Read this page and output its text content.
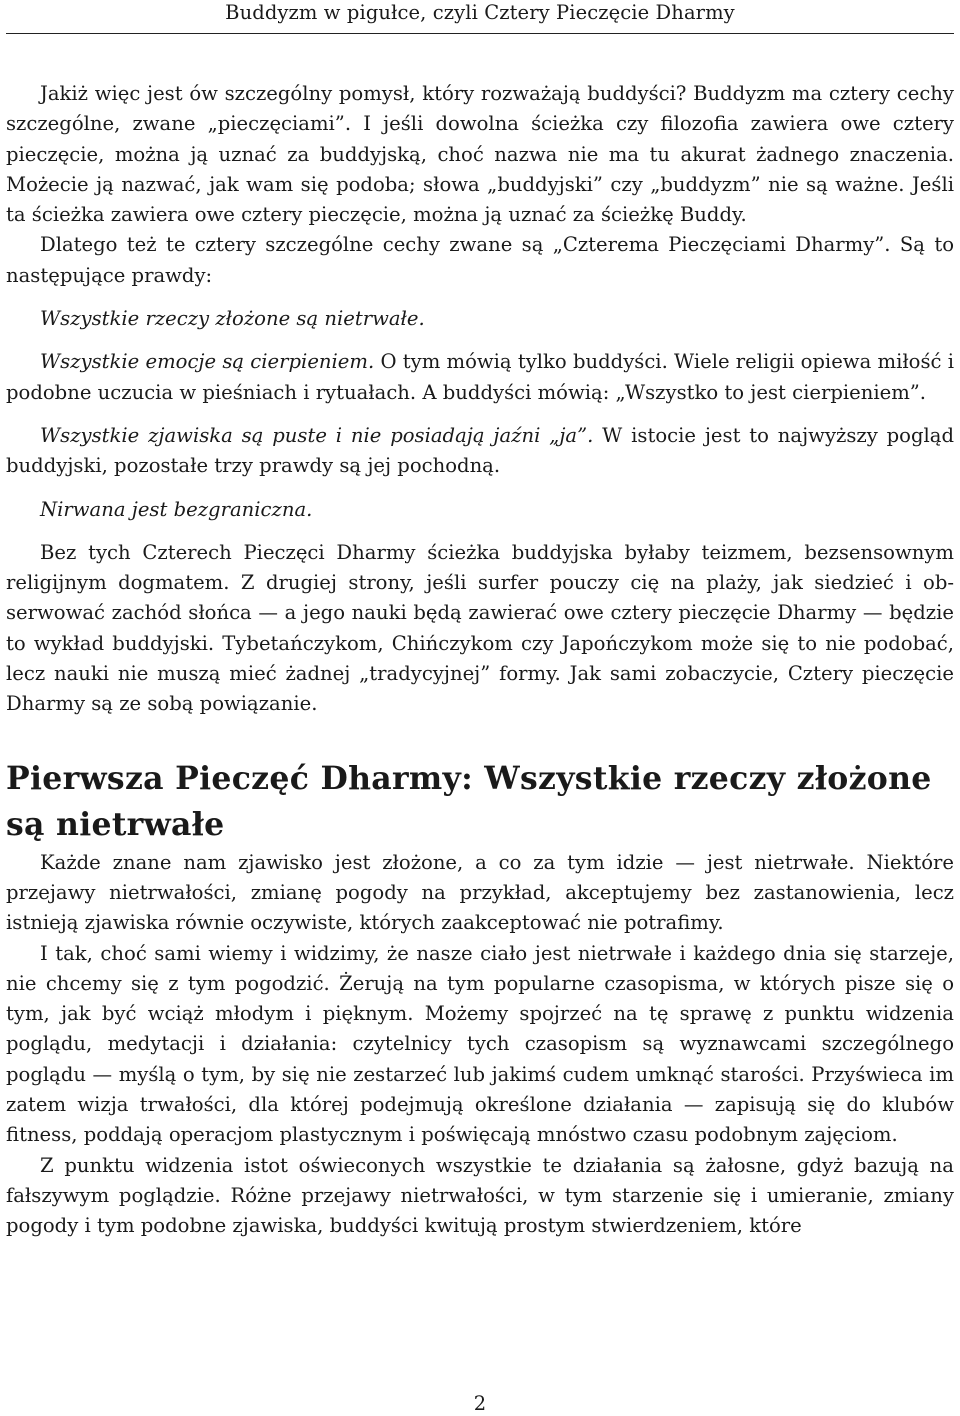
Buddyzm w pigułce, czyli Cztery Pieczęcie Dharmy

Jakiż więc jest ów szczególny pomysł, który rozważają buddyści? Buddyzm ma cztery cechy szczególne, zwane „pieczęciami”. I jeśli dowolna ścieżka czy filozofia zawiera owe cztery pieczęcie, można ją uznać za buddyjską, choć nazwa nie ma tu akurat żadnego znaczenia. Możecie ją nazwać, jak wam się podoba; słowa „buddyjski” czy „buddyzm” nie są ważne. Jeśli ta ścieżka zawiera owe cztery pieczęcie, można ją uznać za ścieżkę Buddy.

Dlatego też te cztery szczególne cechy zwane są „Czterema Pieczęciami Dharmy”. Są to następujące prawdy:

Wszystkie rzeczy złożone są nietrwałe.

Wszystkie emocje są cierpieniem. O tym mówią tylko buddyści. Wiele religii opiewa miłość i podobne uczucia w pieśniach i rytuałach. A buddyści mówią: „Wszystko to jest cierpieniem”.

Wszystkie zjawiska są puste i nie posiadają jaźni „ja”. W istocie jest to najwyższy pogląd buddyjski, pozostałe trzy prawdy są jej pochodną.

Nirwana jest bezgraniczna.

Bez tych Czterech Pieczęci Dharmy ścieżka buddyjska byłaby teizmem, bezsensownym religijnym dogmatem. Z drugiej strony, jeśli surfer pouczy cię na plaży, jak siedzieć i obserwować zachód słońca — a jego nauki będą zawierać owe cztery pieczęcie Dharmy — będzie to wykład buddyjski. Tybetańczykom, Chińczykom czy Japończykom może się to nie podobać, lecz nauki nie muszą mieć żadnej „tradycyjnej” formy. Jak sami zobaczycie, Cztery pieczęcie Dharmy są ze sobą powiązanie.

Pierwsza Pieczęć Dharmy: Wszystkie rzeczy złożone są nietrwałe

Każde znane nam zjawisko jest złożone, a co za tym idzie — jest nietrwałe. Niektóre przejawy nietrwałości, zmianę pogody na przykład, akceptujemy bez zastanowienia, lecz istnieją zjawiska równie oczywiste, których zaakceptować nie potrafimy.

I tak, choć sami wiemy i widzimy, że nasze ciało jest nietrwałe i każdego dnia się starzeje, nie chcemy się z tym pogodzić. Żerują na tym popularne czasopisma, w których pisze się o tym, jak być wciąż młodym i pięknym. Możemy spojrzeć na tę sprawę z punktu widzenia poglądu, medytacji i działania: czytelnicy tych czasopism są wyznawcami szczególnego poglądu — myślą o tym, by się nie zestarzeć lub jakimś cudem umknąć starości. Przyświeca im zatem wizja trwałości, dla której podejmują określone działania — zapisują się do klubów fitness, poddają operacjom plastycznym i poświęcają mnóstwo czasu podobnym zajęciom.

Z punktu widzenia istot oświeconych wszystkie te działania są żałosne, gdyż bazują na fałszywym poglądzie. Różne przejawy nietrwałości, w tym starzenie się i umieranie, zmiany pogody i tym podobne zjawiska, buddyści kwitują prostym stwierdzeniem, które

2
